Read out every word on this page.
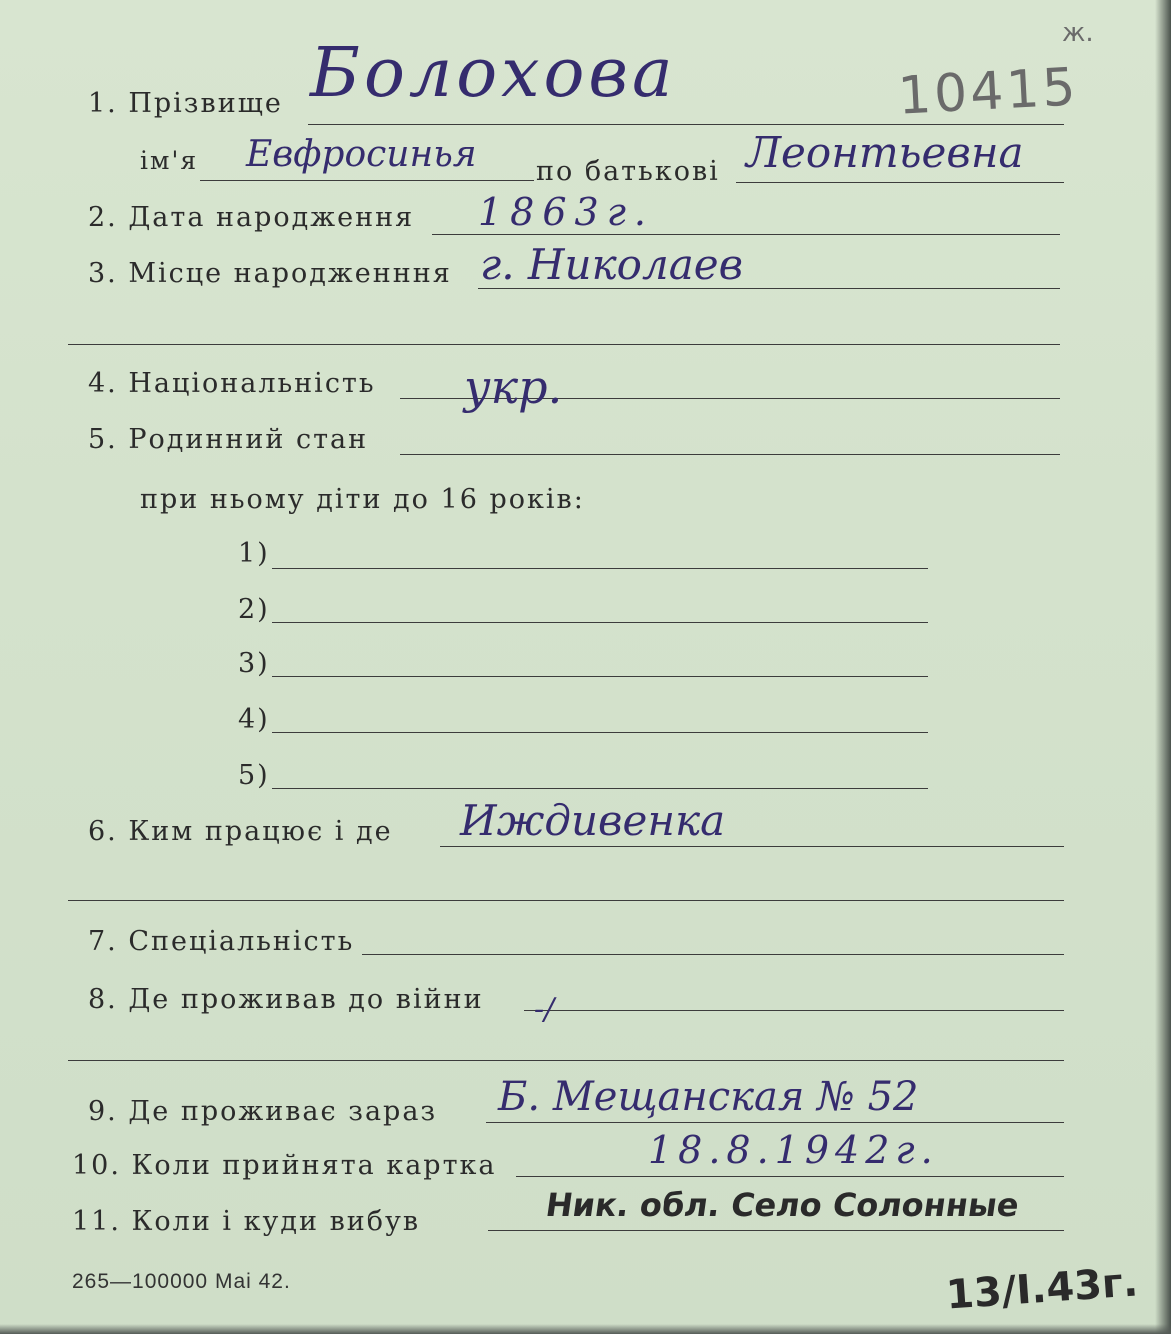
ж.
10415
1. Прізвище Болохова
ім'я Евфросинья по батькові Леонтьевна
2. Дата народження 1863г.
3. Місце народженння г. Николаев
4. Національність укр.
5. Родинний стан
при ньому діти до 16 років:
1)
2)
3)
4)
5)
6. Ким працює і де Иждивенка
7. Спеціальність
8. Де проживав до війни -/
9. Де проживає зараз Б. Мещанская № 52
10. Коли прийнята картка	18.8.1942г.
11. Коли і куди вибув	Ник. обл. Село Солонные
265—100000 Mai 42.	13/I.43г.
